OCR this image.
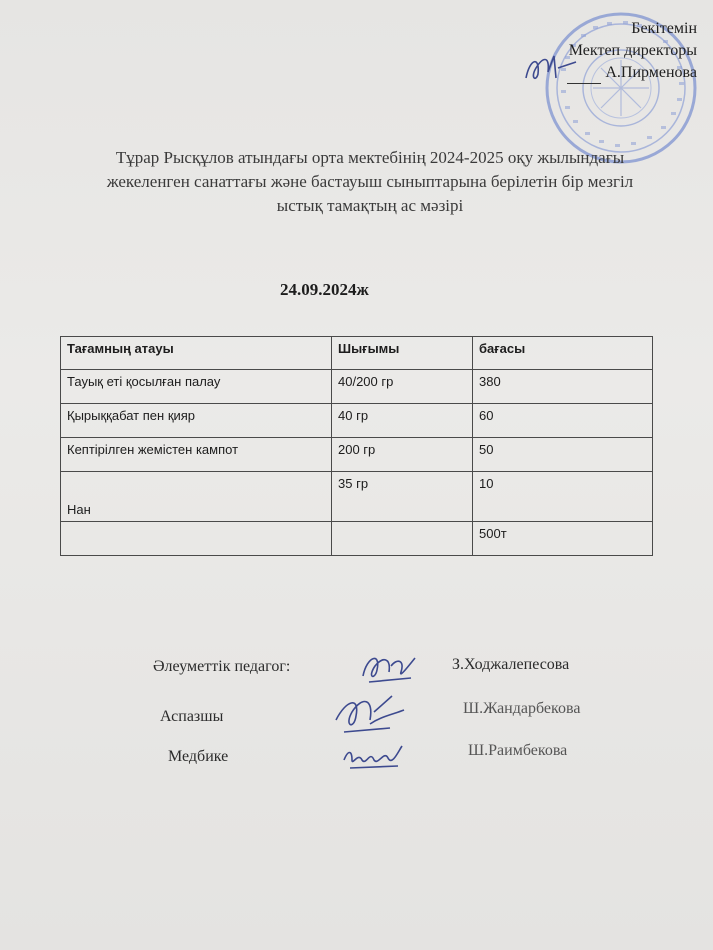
Бекітемін
Мектеп директоры
А.Пирменова

Тұрар Рысқұлов атындағы орта мектебінің 2024-2025 оқу жылындағы

жекеленген санаттағы және бастауыш сыныптарына берілетін бір мезгіл

ыстық тамақтың ас мәзірі

24.09.2024ж
Тағамның атауы	Шығымы	бағасы
Тауық еті қосылған палау	40/200 гр	380
Қырыққабат пен қияр	40 гр	60
Кептірілген жемістен кампот	200 гр	50
Нан	35 гр	10
		500т
Әлеуметтік педагог:	З.Ходжалепесова
Аспазшы	Ш.Жандарбекова
Медбике	Ш.Раимбекова
